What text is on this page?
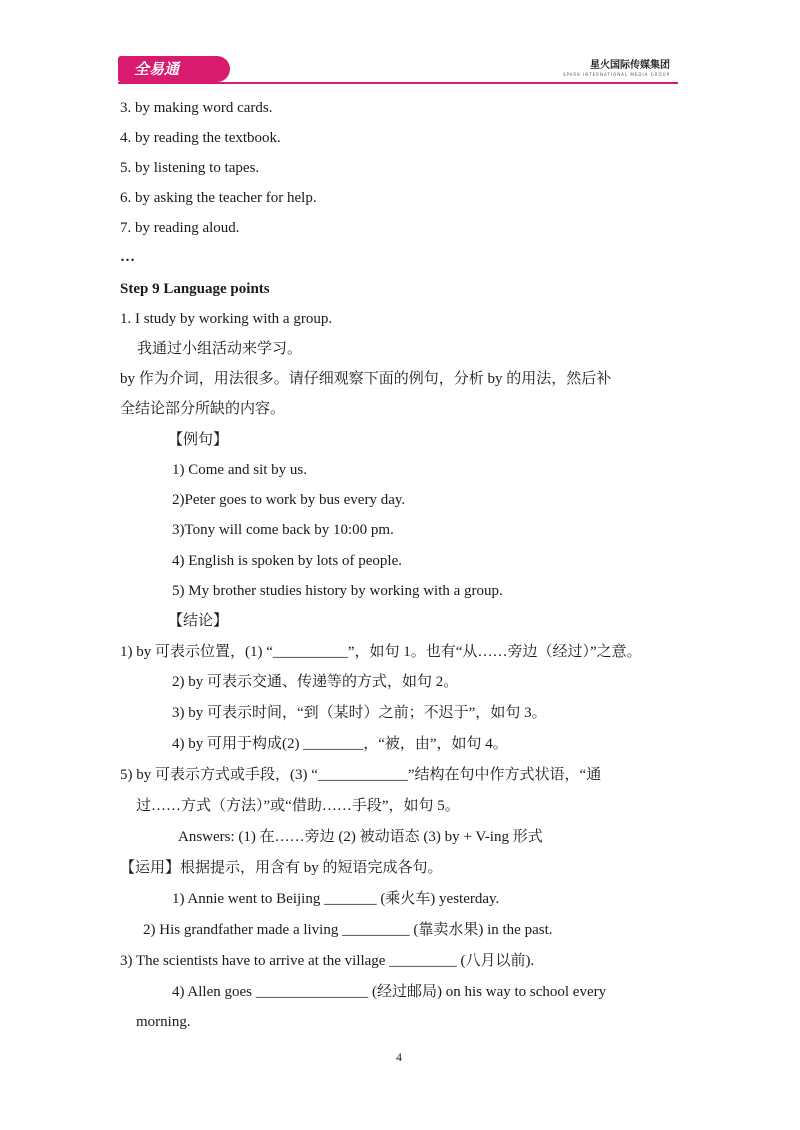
全易通	星火国际传媒集团
SPARK INTERNATIONAL MEDIA GROUP
3. by making word cards.
4. by reading the textbook.
5. by listening to tapes.
6. by asking the teacher for help.
7. by reading aloud.
…
Step 9 Language points
1. I study by working with a group.
我通过小组活动来学习。
by 作为介词，用法很多。请仔细观察下面的例句，分析 by 的用法，然后补
全结论部分所缺的内容。
【例句】
1) Come and sit by us.
2)Peter goes to work by bus every day.
3)Tony will come back by 10:00 pm.
4) English is spoken by lots of people.
5) My brother studies history by working with a group.
【结论】
1) by 可表示位置，(1) “__________”，如句 1。也有“从……旁边（经过）”之意。
2) by 可表示交通、传递等的方式，如句 2。
3) by 可表示时间，“到（某时）之前；不迟于”，如句 3。
4) by 可用于构成(2) ________，“被，由”，如句 4。
5) by 可表示方式或手段，(3) “____________”结构在句中作方式状语，“通
过……方式（方法）”或“借助……手段”，如句 5。
Answers: (1) 在……旁边 (2) 被动语态 (3) by + V-ing 形式
【运用】根据提示，用含有 by 的短语完成各句。
1) Annie went to Beijing _______ (乘火车) yesterday.
2) His grandfather made a living _________ (靠卖水果) in the past.
3) The scientists have to arrive at the village _________ (八月以前).
4) Allen goes _______________ (经过邮局) on his way to school every
morning.
4
